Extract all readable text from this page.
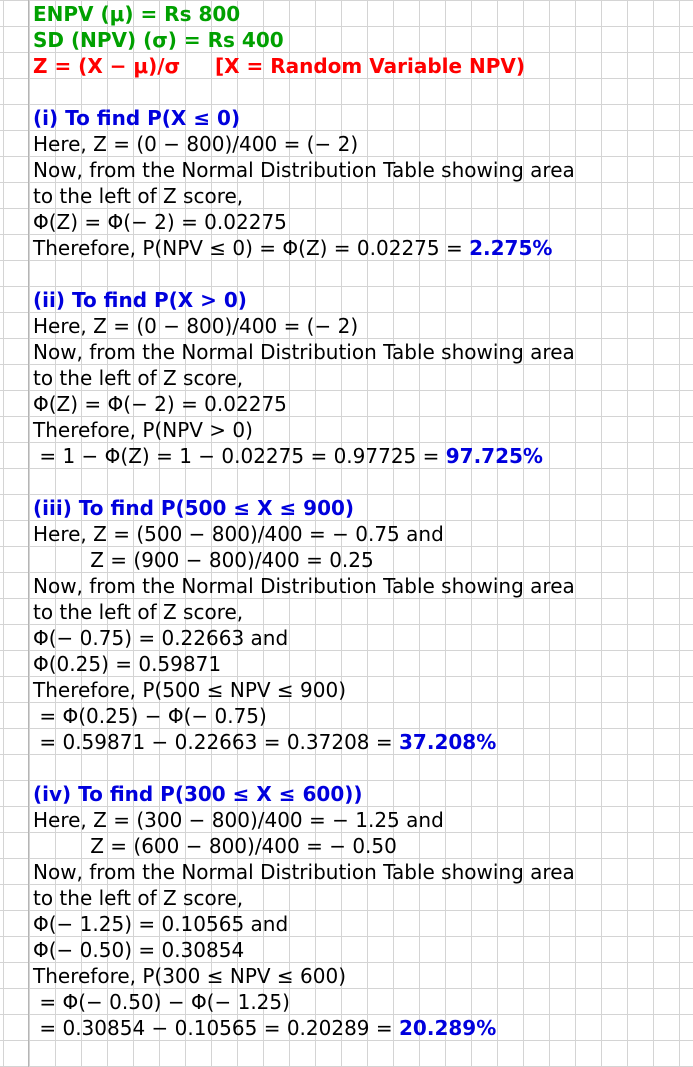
ENPV (μ) = Rs 800
SD (NPV) (σ) = Rs 400
Z = (X − μ)/σ     [X = Random Variable NPV)
(i) To find P(X ≤ 0)
Here, Z = (0 − 800)/400 = (− 2)
Now, from the Normal Distribution Table showing area
to the left of Z score,
Φ(Z) = Φ(− 2) = 0.02275
Therefore, P(NPV ≤ 0) = Φ(Z) = 0.02275 = 2.275%
(ii) To find P(X > 0)
Here, Z = (0 − 800)/400 = (− 2)
Now, from the Normal Distribution Table showing area
to the left of Z score,
Φ(Z) = Φ(− 2) = 0.02275
Therefore, P(NPV > 0)
= 1 − Φ(Z) = 1 − 0.02275 = 0.97725 = 97.725%
(iii) To find P(500 ≤ X ≤ 900)
Here, Z = (500 − 800)/400 = − 0.75 and
Z = (900 − 800)/400 = 0.25
Now, from the Normal Distribution Table showing area
to the left of Z score,
Φ(− 0.75) = 0.22663 and
Φ(0.25) = 0.59871
Therefore, P(500 ≤ NPV ≤ 900)
= Φ(0.25) − Φ(− 0.75)
= 0.59871 − 0.22663 = 0.37208 = 37.208%
(iv) To find P(300 ≤ X ≤ 600))
Here, Z = (300 − 800)/400 = − 1.25 and
Z = (600 − 800)/400 = − 0.50
Now, from the Normal Distribution Table showing area
to the left of Z score,
Φ(− 1.25) = 0.10565 and
Φ(− 0.50) = 0.30854
Therefore, P(300 ≤ NPV ≤ 600)
= Φ(− 0.50) − Φ(− 1.25)
= 0.30854 − 0.10565 = 0.20289 = 20.289%
